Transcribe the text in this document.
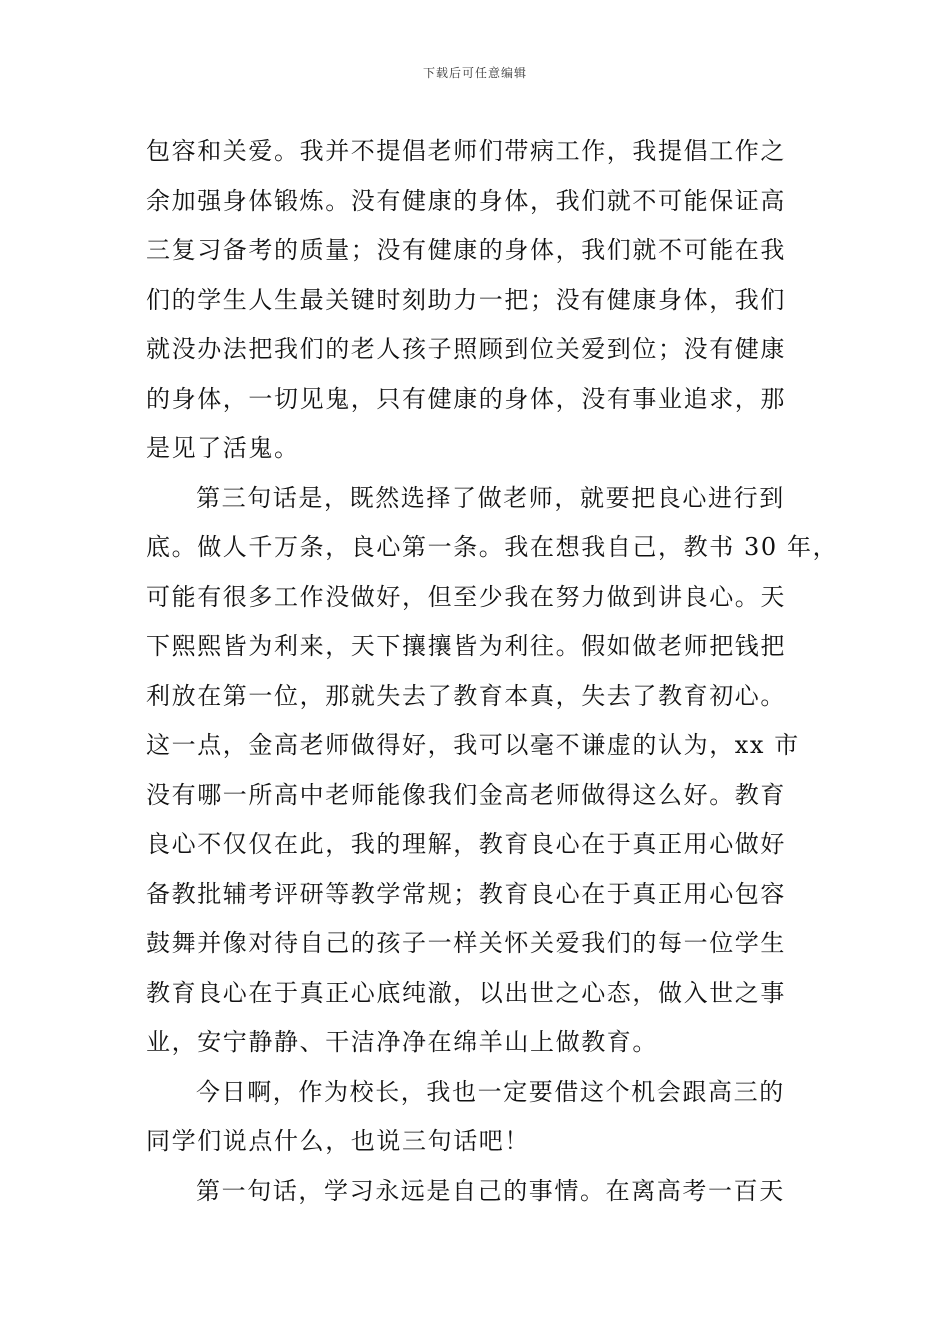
下载后可任意编辑
包容和关爱。我并不提倡老师们带病工作，我提倡工作之
余加强身体锻炼。没有健康的身体，我们就不可能保证高
三复习备考的质量；没有健康的身体，我们就不可能在我
们的学生人生最关键时刻助力一把；没有健康身体，我们
就没办法把我们的老人孩子照顾到位关爱到位；没有健康
的身体，一切见鬼，只有健康的身体，没有事业追求，那
是见了活鬼。
第三句话是，既然选择了做老师，就要把良心进行到
底。做人千万条，良心第一条。我在想我自己，教书 30 年，
可能有很多工作没做好，但至少我在努力做到讲良心。天
下熙熙皆为利来，天下攘攘皆为利往。假如做老师把钱把
利放在第一位，那就失去了教育本真，失去了教育初心。
这一点，金高老师做得好，我可以毫不谦虚的认为，xx 市
没有哪一所高中老师能像我们金高老师做得这么好。教育
良心不仅仅在此，我的理解，教育良心在于真正用心做好
备教批辅考评研等教学常规；教育良心在于真正用心包容
鼓舞并像对待自己的孩子一样关怀关爱我们的每一位学生
教育良心在于真正心底纯澈，以出世之心态，做入世之事
业，安宁静静、干洁净净在绵羊山上做教育。
今日啊，作为校长，我也一定要借这个机会跟高三的
同学们说点什么，也说三句话吧！
第一句话，学习永远是自己的事情。在离高考一百天
